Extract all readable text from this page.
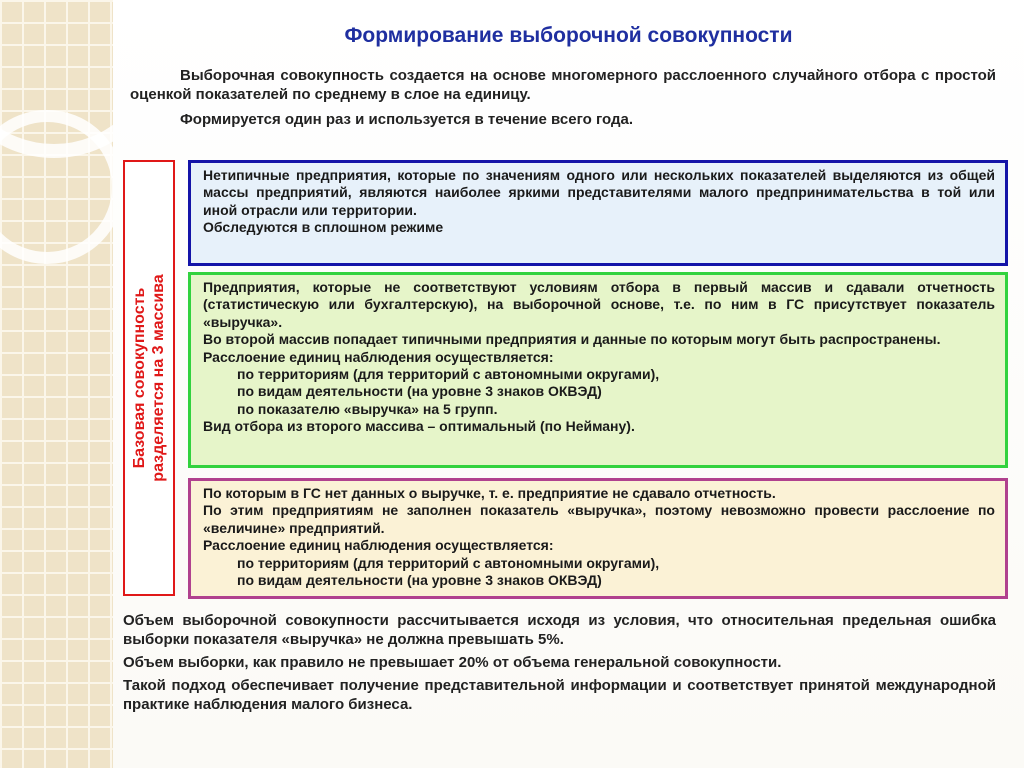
Формирование выборочной совокупности

Выборочная совокупность создается на основе многомерного расслоенного случайного отбора с простой оценкой показателей по среднему в слое на единицу.

Формируется один раз и используется в течение всего года.

Базовая совокупность разделяется на 3 массива

Нетипичные предприятия, которые по значениям одного или нескольких показателей выделяются из общей массы предприятий, являются наиболее яркими представителями малого предпринимательства в той или иной отрасли или территории.

Обследуются в сплошном режиме

Предприятия, которые не соответствуют условиям отбора в первый массив и сдавали отчетность (статистическую или бухгалтерскую), на выборочной основе, т.е. по ним в ГС присутствует показатель «выручка».

Во второй массив попадает типичными предприятия и данные по которым могут быть распространены.

Расслоение единиц наблюдения осуществляется:

по территориям (для территорий с автономными округами),

по видам деятельности (на уровне 3 знаков ОКВЭД)

по показателю «выручка» на 5 групп.

Вид отбора из второго массива – оптимальный (по Нейману).

По которым в ГС нет данных о выручке, т. е. предприятие не сдавало отчетность.

По этим предприятиям не заполнен показатель «выручка», поэтому невозможно провести расслоение по «величине» предприятий.

Расслоение единиц наблюдения осуществляется:

по территориям (для территорий с автономными округами),

по видам деятельности (на уровне 3 знаков ОКВЭД)

Объем выборочной совокупности рассчитывается исходя из условия, что относительная предельная ошибка выборки показателя «выручка» не должна превышать 5%.

Объем выборки, как правило не превышает 20% от объема генеральной совокупности.

Такой подход обеспечивает получение представительной информации и соответствует принятой международной практике наблюдения малого бизнеса.
